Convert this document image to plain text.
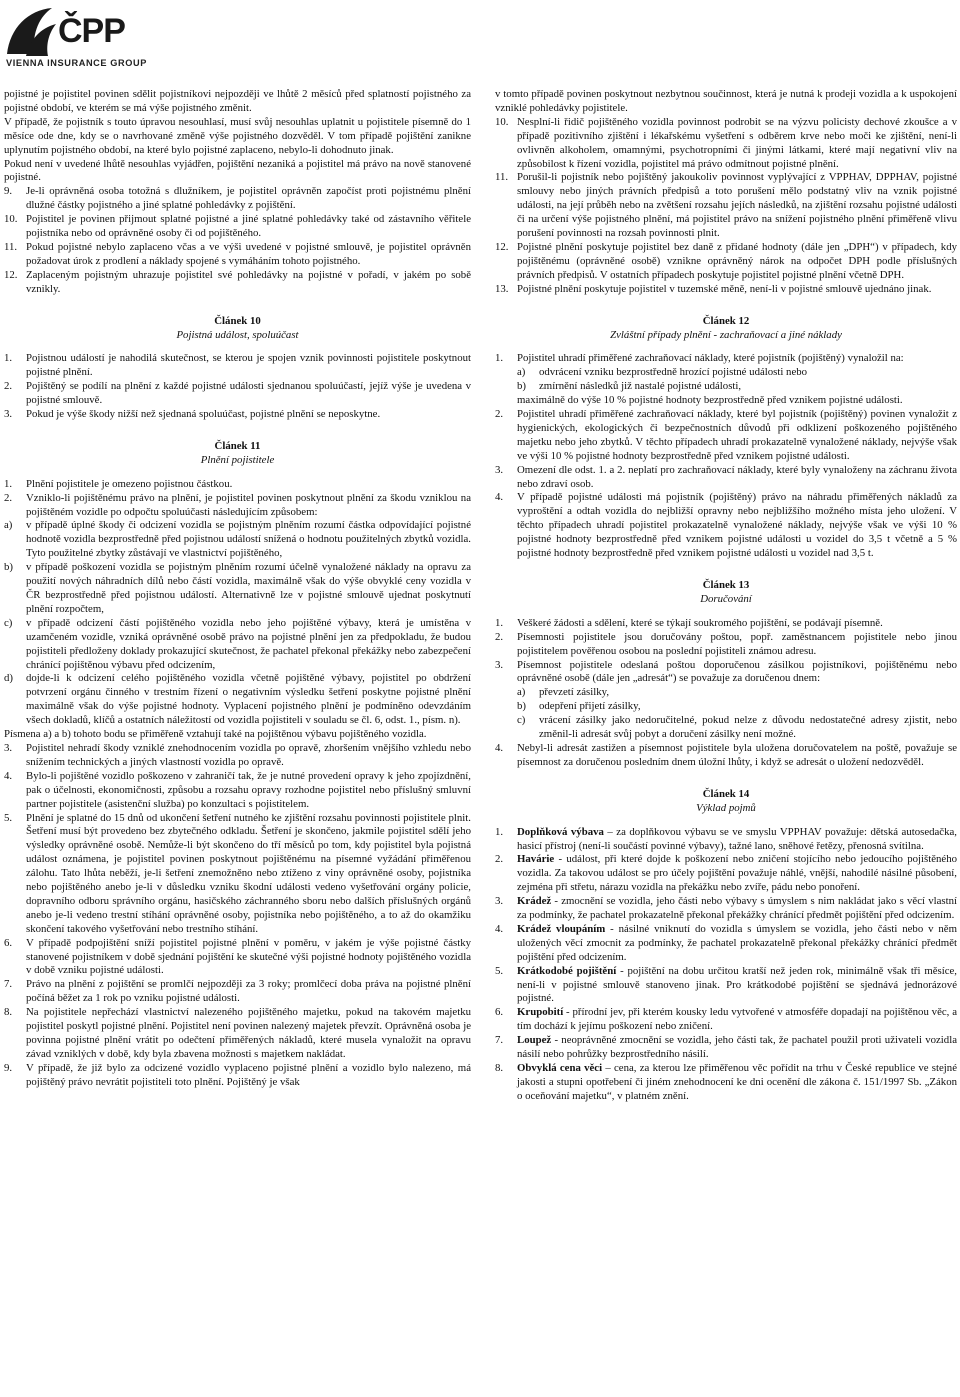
ČPP
VIENNA INSURANCE GROUP

pojistné je pojistitel povinen sdělit pojistníkovi nejpozději ve lhůtě 2 měsíců před splatností pojistného za pojistné období, ve kterém se má výše pojistného změnit.

V případě, že pojistník s touto úpravou nesouhlasí, musí svůj nesouhlas uplatnit u pojistitele písemně do 1 měsíce ode dne, kdy se o navrhované změně výše pojistného dozvěděl. V tom případě pojištění zanikne uplynutím pojistného období, na které bylo pojistné zaplaceno, nebylo-li dohodnuto jinak.

Pokud není v uvedené lhůtě nesouhlas vyjádřen, pojištění nezaniká a pojistitel má právo na nově stanovené pojistné.

9.	Je-li oprávněná osoba totožná s dlužníkem, je pojistitel oprávněn započíst proti pojistnému plnění dlužné částky pojistného a jiné splatné pohledávky z pojištění.
10. Pojistitel je povinen přijmout splatné pojistné a jiné splatné pohledávky také od zástavního věřitele pojistníka nebo od oprávněné osoby či od pojištěného.
11. Pokud pojistné nebylo zaplaceno včas a ve výši uvedené v pojistné smlouvě, je pojistitel oprávněn požadovat úrok z prodlení a náklady spojené s vymáháním tohoto pojistného.
12. Zaplaceným pojistným uhrazuje pojistitel své pohledávky na pojistné v pořadí, v jakém po sobě vznikly.
Článek 10
Pojistná událost, spoluúčast
1.	Pojistnou událostí je nahodilá skutečnost, se kterou je spojen vznik povinnosti pojistitele poskytnout pojistné plnění.
2.	Pojištěný se podílí na plnění z každé pojistné události sjednanou spoluúčastí, jejíž výše je uvedena v pojistné smlouvě.
3.	Pokud je výše škody nižší než sjednaná spoluúčast, pojistné plnění se neposkytne.
Článek 11
Plnění pojistitele
1.	Plnění pojistitele je omezeno pojistnou částkou.
2.	Vzniklo-li pojištěnému právo na plnění, je pojistitel povinen poskytnout plnění za škodu vzniklou na pojištěném vozidle po odpočtu spoluúčasti následujícím způsobem:
a)	v případě úplné škody či odcizení vozidla se pojistným plněním rozumí částka odpovídající pojistné hodnotě vozidla bezprostředně před pojistnou událostí snížená o hodnotu použitelných zbytků vozidla. Tyto použitelné zbytky zůstávají ve vlastnictví pojištěného,
b)	v případě poškození vozidla se pojistným plněním rozumí účelně vynaložené náklady na opravu za použití nových náhradních dílů nebo částí vozidla, maximálně však do výše obvyklé ceny vozidla v ČR bezprostředně před pojistnou událostí. Alternativně lze v pojistné smlouvě ujednat poskytnutí plnění rozpočtem,
c)	v případě odcizení částí pojištěného vozidla nebo jeho pojištěné výbavy, která je umístěna v uzamčeném vozidle, vzniká oprávněné osobě právo na pojistné plnění jen za předpokladu, že budou pojistiteli předloženy doklady prokazující skutečnost, že pachatel překonal překážky nebo zabezpečení chránící pojištěnou výbavu před odcizením,
d)	dojde-li k odcizení celého pojištěného vozidla včetně pojištěné výbavy, pojistitel po obdržení potvrzení orgánu činného v trestním řízení o negativním výsledku šetření poskytne pojistné plnění maximálně však do výše pojistné hodnoty. Vyplacení pojistného plnění je podmíněno odevzdáním všech dokladů, klíčů a ostatních náležitostí od vozidla pojistiteli v souladu se čl. 6, odst. 1., písm. n).

Písmena a) a b) tohoto bodu se přiměřeně vztahují také na pojištěnou výbavu pojištěného vozidla.

3.	Pojistitel nehradí škody vzniklé znehodnocením vozidla po opravě, zhoršením vnějšího vzhledu nebo snížením technických a jiných vlastností vozidla po opravě.
4.	Bylo-li pojištěné vozidlo poškozeno v zahraničí tak, že je nutné provedení opravy k jeho zpojízdnění, pak o účelnosti, ekonomičnosti, způsobu a rozsahu opravy rozhodne pojistitel nebo příslušný smluvní partner pojistitele (asistenční služba) po konzultaci s pojistitelem.
5.	Plnění je splatné do 15 dnů od ukončení šetření nutného ke zjištění rozsahu povinnosti pojistitele plnit. Šetření musí být provedeno bez zbytečného odkladu. Šetření je skončeno, jakmile pojistitel sdělí jeho výsledky oprávněné osobě. Nemůže-li být skončeno do tří měsíců po tom, kdy pojistitel byla pojistná událost oznámena, je pojistitel povinen poskytnout pojištěnému na písemné vyžádání přiměřenou zálohu. Tato lhůta neběží, je-li šetření znemožněno nebo ztíženo z viny oprávněné osoby, pojistníka nebo pojištěného anebo je-li v důsledku vzniku škodní události vedeno vyšetřování orgány policie, dopravního odboru správního orgánu, hasičského záchranného sboru nebo dalších příslušných orgánů anebo je-li vedeno trestní stíhání oprávněné osoby, pojistníka nebo pojištěného, a to až do okamžiku skončení takového vyšetřování nebo trestního stíhání.
6.	V případě podpojištění sníží pojistitel pojistné plnění v poměru, v jakém je výše pojistné částky stanovené pojistníkem v době sjednání pojištění ke skutečné výši pojistné hodnoty pojištěného vozidla v době vzniku pojistné události.
7.	Právo na plnění z pojištění se promlčí nejpozději za 3 roky; promlčecí doba práva na pojistné plnění počíná běžet za 1 rok po vzniku pojistné události.
8.	Na pojistitele nepřechází vlastnictví nalezeného pojištěného majetku, pokud na takovém majetku pojistitel poskytl pojistné plnění. Pojistitel není povinen nalezený majetek převzít. Oprávněná osoba je povinna pojistné plnění vrátit po odečtení přiměřených nákladů, které musela vynaložit na opravu závad vzniklých v době, kdy byla zbavena možnosti s majetkem nakládat.
9.	V případě, že již bylo za odcizené vozidlo vyplaceno pojistné plnění a vozidlo bylo nalezeno, má pojištěný právo nevrátit pojistiteli toto plnění. Pojištěný je však

v tomto případě povinen poskytnout nezbytnou součinnost, která je nutná k prodeji vozidla a k uspokojení vzniklé pohledávky pojistitele.

10. Nesplní-li řidič pojištěného vozidla povinnost podrobit se na výzvu policisty dechové zkoušce a v případě pozitivního zjištění i lékařskému vyšetření s odběrem krve nebo moči ke zjištění, není-li ovlivněn alkoholem, omamnými, psychotropními či jinými látkami, které mají negativní vliv na způsobilost k řízení vozidla, pojistitel má právo odmítnout pojistné plnění.
11. Porušil-li pojistník nebo pojištěný jakoukoliv povinnost vyplývající z VPPHAV, DPPHAV, pojistné smlouvy nebo jiných právních předpisů a toto porušení mělo podstatný vliv na vznik pojistné události, na její průběh nebo na zvětšení rozsahu jejích následků, na zjištění rozsahu pojistné události či na určení výše pojistného plnění, má pojistitel právo na snížení pojistného plnění přiměřeně vlivu porušení povinnosti na rozsah povinnosti plnit.
12. Pojistné plnění poskytuje pojistitel bez daně z přidané hodnoty (dále jen „DPH“) v případech, kdy pojištěnému (oprávněné osobě) vznikne oprávněný nárok na odpočet DPH podle příslušných právních předpisů. V ostatních případech poskytuje pojistitel pojistné plnění včetně DPH.
13. Pojistné plnění poskytuje pojistitel v tuzemské měně, není-li v pojistné smlouvě ujednáno jinak.
Článek 12
Zvláštní případy plnění - zachraňovací a jiné náklady
1.	Pojistitel uhradí přiměřené zachraňovací náklady, které pojistník (pojištěný) vynaložil na:
a)	odvrácení vzniku bezprostředně hrozící pojistné události nebo
b)	zmírnění následků již nastalé pojistné události,

maximálně do výše 10 % pojistné hodnoty bezprostředně před vznikem pojistné události.

2.	Pojistitel uhradí přiměřené zachraňovací náklady, které byl pojistník (pojištěný) povinen vynaložit z hygienických, ekologických či bezpečnostních důvodů při odklizení poškozeného pojištěného majetku nebo jeho zbytků. V těchto případech uhradí prokazatelně vynaložené náklady, nejvýše však ve výši 10 % pojistné hodnoty bezprostředně před vznikem pojistné události.
3.	Omezení dle odst. 1. a 2. neplatí pro zachraňovací náklady, které byly vynaloženy na záchranu života nebo zdraví osob.
4.	V případě pojistné události má pojistník (pojištěný) právo na náhradu přiměřených nákladů za vyproštění a odtah vozidla do nejbližší opravny nebo nejbližšího možného místa jeho uložení. V těchto případech uhradí pojistitel prokazatelně vynaložené náklady, nejvýše však ve výši 10 % pojistné hodnoty bezprostředně před vznikem pojistné události u vozidel do 3,5 t včetně a 5 % pojistné hodnoty bezprostředně před vznikem pojistné události u vozidel nad 3,5 t.
Článek 13
Doručování
1.	Veškeré žádosti a sdělení, které se týkají soukromého pojištění, se podávají písemně.
2.	Písemnosti pojistitele jsou doručovány poštou, popř. zaměstnancem pojistitele nebo jinou pojistitelem pověřenou osobou na poslední pojistiteli známou adresu.
3.	Písemnost pojistitele odeslaná poštou doporučenou zásilkou pojistníkovi, pojištěnému nebo oprávněné osobě (dále jen „adresát“) se považuje za doručenou dnem:
a)	převzetí zásilky,
b)	odepření přijetí zásilky,
c)	vrácení zásilky jako nedoručitelné, pokud nelze z důvodu nedostatečné adresy zjistit, nebo změnil-li adresát svůj pobyt a doručení zásilky není možné.
4.	Nebyl-li adresát zastižen a písemnost pojistitele byla uložena doručovatelem na poště, považuje se písemnost za doručenou posledním dnem úložní lhůty, i když se adresát o uložení nedozvěděl.
Článek 14
Výklad pojmů
1.	Doplňková výbava – za doplňkovou výbavu se ve smyslu VPPHAV považuje: dětská autosedačka, hasicí přístroj (není-li součástí povinné výbavy), tažné lano, sněhové řetězy, přenosná svítilna.
2.	Havárie - událost, při které dojde k poškození nebo zničení stojícího nebo jedoucího pojištěného vozidla. Za takovou událost se pro účely pojištění považuje náhlé, vnější, nahodilé násilné působení, zejména při střetu, nárazu vozidla na překážku nebo zvíře, pádu nebo ponoření.
3.	Krádež - zmocnění se vozidla, jeho části nebo výbavy s úmyslem s nim nakládat jako s věcí vlastní za podmínky, že pachatel prokazatelně překonal překážky chránící předmět pojištění před odcizením.
4.	Krádež vloupáním - násilné vniknutí do vozidla s úmyslem se vozidla, jeho části nebo v něm uložených věcí zmocnit za podmínky, že pachatel prokazatelně překonal překážky chránící předmět pojištění před odcizením.
5.	Krátkodobé pojištění - pojištění na dobu určitou kratší než jeden rok, minimálně však tři měsíce, není-li v pojistné smlouvě stanoveno jinak. Pro krátkodobé pojištění se sjednává jednorázové pojistné.
6.	Krupobití - přírodní jev, při kterém kousky ledu vytvořené v atmosféře dopadají na pojištěnou věc, a tím dochází k jejímu poškození nebo zničení.
7.	Loupež - neoprávněné zmocnění se vozidla, jeho části tak, že pachatel použil proti uživateli vozidla násilí nebo pohrůžky bezprostředního násilí.
8.	Obvyklá cena věci – cena, za kterou lze přiměřenou věc pořídit na trhu v České republice ve stejné jakosti a stupni opotřebení či jiném znehodnocení ke dni ocenění dle zákona č. 151/1997 Sb. „Zákon o oceňování majetku“, v platném znění.
